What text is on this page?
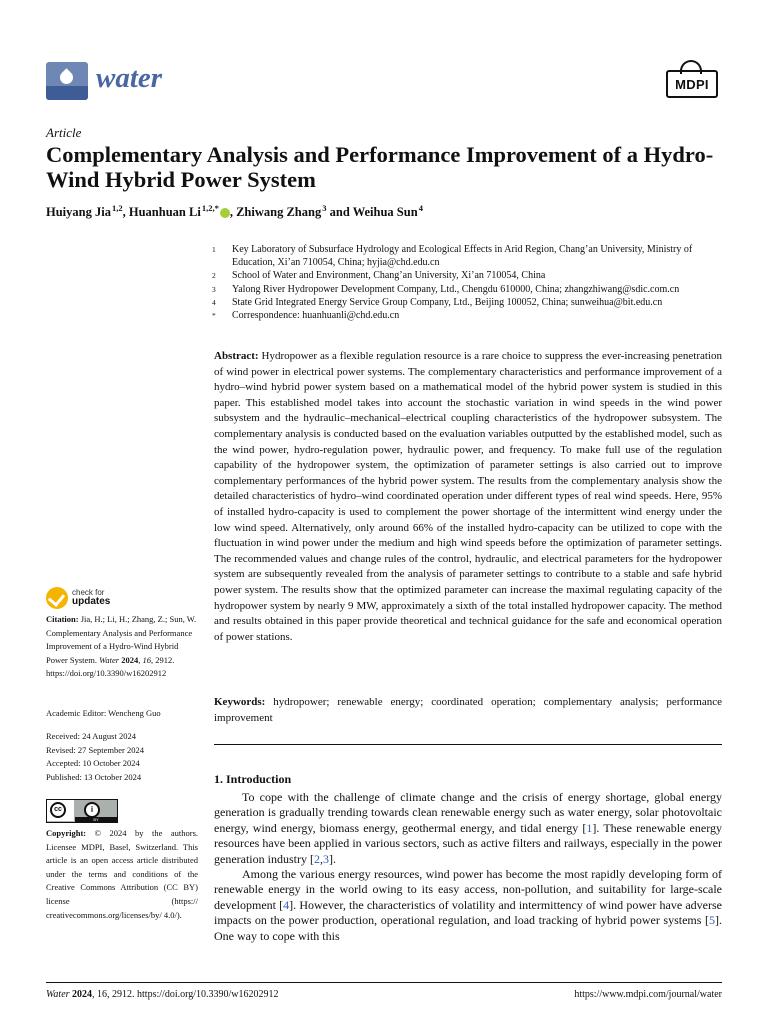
water	MDPI
Article
Complementary Analysis and Performance Improvement of a Hydro-Wind Hybrid Power System
Huiyang Jia $^{1,2}$, Huanhuan Li $^{1,2,*}$ , Zhiwang Zhang $^3$ and Weihua Sun $^4$
1	Key Laboratory of Subsurface Hydrology and Ecological Effects in Arid Region, Chang’an University, Ministry of Education, Xi’an 710054, China; hyjia@chd.edu.cn
2	School of Water and Environment, Chang’an University, Xi’an 710054, China
3	Yalong River Hydropower Development Company, Ltd., Chengdu 610000, China; zhangzhiwang@sdic.com.cn
4	State Grid Integrated Energy Service Group Company, Ltd., Beijing 100052, China; sunweihua@bit.edu.cn
*	Correspondence: huanhuanli@chd.edu.cn
Abstract: Hydropower as a flexible regulation resource is a rare choice to suppress the ever-increasing penetration of wind power in electrical power systems. The complementary characteristics and performance improvement of a hydro–wind hybrid power system based on a mathematical model of the hybrid power system is studied in this paper. This established model takes into account the stochastic variation in wind speeds in the wind power subsystem and the hydraulic–mechanical–electrical coupling characteristics of the hydropower subsystem. The complementary analysis is conducted based on the evaluation variables outputted by the established model, such as the wind power, hydro-regulation power, hydraulic power, and frequency. To make full use of the regulation capability of the hydropower system, the optimization of parameter settings is also carried out to improve complementary performances of the hybrid power system. The results from the complementary analysis show the detailed characteristics of hydro–wind coordinated operation under different types of real wind speeds. Here, 95% of installed hydro-capacity is used to complement the power shortage of the intermittent wind energy under the low wind speed. Alternatively, only around 66% of the installed hydro-capacity can be utilized to cope with the fluctuation in wind power under the medium and high wind speeds before the optimization of parameter settings. The recommended values and change rules of the control, hydraulic, and electrical parameters for the hydropower system are subsequently revealed from the analysis of parameter settings to contribute to a stable and safe hybrid power system. The results show that the optimized parameter can increase the maximal regulating capacity of the hydropower system by nearly 9 MW, approximately a sixth of the total installed hydropower capacity. The method and results obtained in this paper provide theoretical and technical guidance for the safe and economical operation of power stations.
Keywords: hydropower; renewable energy; coordinated operation; complementary analysis; performance improvement
1. Introduction

To cope with the challenge of climate change and the crisis of energy shortage, global energy generation is gradually trending towards clean renewable energy such as water energy, solar photovoltaic energy, wind energy, biomass energy, geothermal energy, and tidal energy [1]. These renewable energy resources have been applied in various sectors, such as active filters and railways, especially in the power generation industry [2,3].

Among the various energy resources, wind power has become the most rapidly developing form of renewable energy in the world owing to its easy access, non-pollution, and suitability for large-scale development [4]. However, the characteristics of volatility and intermittency of wind power have adverse impacts on the power production, operational regulation, and load tracking of hybrid power systems [5]. One way to cope with this

check for
updates
Citation: Jia, H.; Li, H.; Zhang, Z.; Sun, W. Complementary Analysis and Performance Improvement of a Hydro-Wind Hybrid Power System. Water 2024, 16, 2912. https://doi.org/10.3390/w16202912
Academic Editor: Wencheng Guo
Received: 24 August 2024
Revised: 27 September 2024
Accepted: 10 October 2024
Published: 13 October 2024
cc	i
BY
Copyright: © 2024 by the authors. Licensee MDPI, Basel, Switzerland. This article is an open access article distributed under the terms and conditions of the Creative Commons Attribution (CC BY) license (https:// creativecommons.org/licenses/by/ 4.0/).
Water 2024, 16, 2912. https://doi.org/10.3390/w16202912	https://www.mdpi.com/journal/water
